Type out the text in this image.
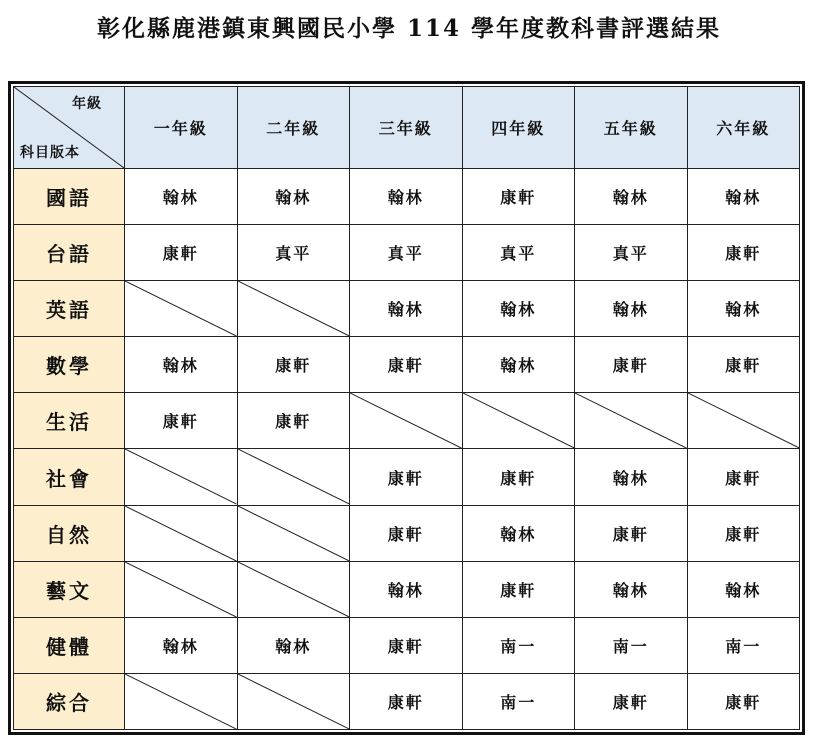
彰化縣鹿港鎮東興國民小學 114 學年度教科書評選結果
年級
科目版本	一年級	二年級	三年級	四年級	五年級	六年級
國語	翰林	翰林	翰林	康軒	翰林	翰林
台語	康軒	真平	真平	真平	真平	康軒
英語			翰林	翰林	翰林	翰林
數學	翰林	康軒	康軒	翰林	康軒	康軒
生活	康軒	康軒	

社會			康軒	康軒	翰林	康軒
自然			康軒	翰林	康軒	康軒
藝文			翰林	康軒	翰林	翰林
健體	翰林	翰林	康軒	南一	南一	南一
綜合			康軒	南一	康軒	康軒
